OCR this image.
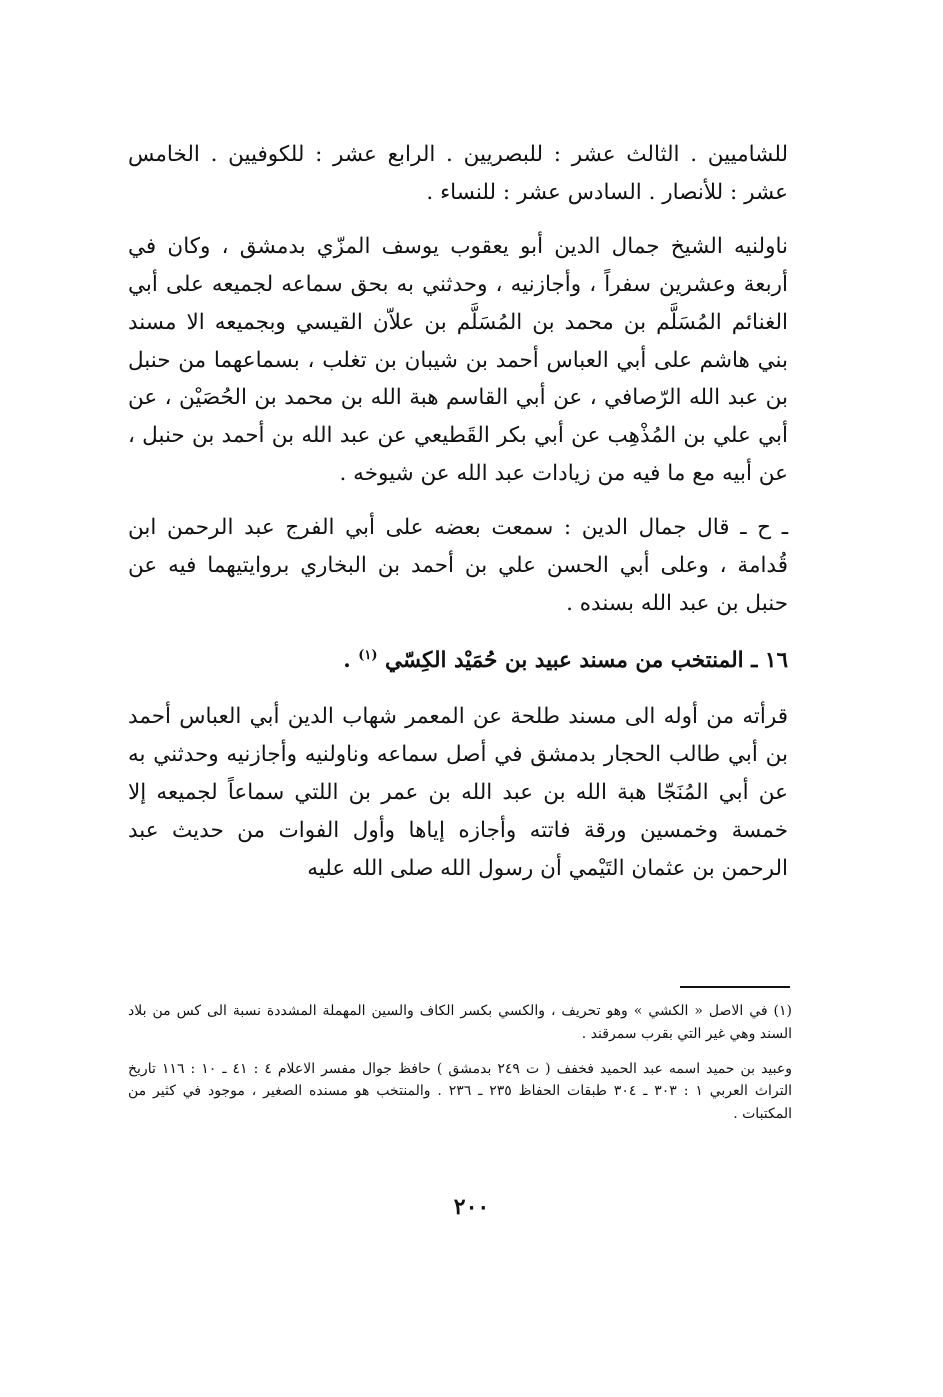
للشاميين . الثالث عشر : للبصريين . الرابع عشر : للكوفيين . الخامس عشر : للأنصار . السادس عشر : للنساء .

ناولنيه الشيخ جمال الدين أبو يعقوب يوسف المزّي بدمشق ، وكان في أربعة وعشرين سفراً ، وأجازنيه ، وحدثني به بحق سماعه لجميعه على أبي الغنائم المُسَلَّم بن محمد بن المُسَلَّم بن علاّن القيسي وبجميعه الا مسند بني هاشم على أبي العباس أحمد بن شيبان بن تغلب ، بسماعهما من حنبل بن عبد الله الرّصافي ، عن أبي القاسم هبة الله بن محمد بن الحُصَيْن ، عن أبي علي بن المُذْهِب عن أبي بكر القَطيعي عن عبد الله بن أحمد بن حنبل ، عن أبيه مع ما فيه من زيادات عبد الله عن شيوخه .

ـ ح ـ قال جمال الدين : سمعت بعضه على أبي الفرج عبد الرحمن ابن قُدامة ، وعلى أبي الحسن علي بن أحمد بن البخاري بروايتيهما فيه عن حنبل بن عبد الله بسنده .

١٦ ـ المنتخب من مسند عبيد بن حُمَيْد الكِسّي $^{(١)}$ .

قرأته من أوله الى مسند طلحة عن المعمر شهاب الدين أبي العباس أحمد بن أبي طالب الحجار بدمشق في أصل سماعه وناولنيه وأجازنيه وحدثني به عن أبي المُنَجّا هبة الله بن عبد الله بن عمر بن اللتي سماعاً لجميعه إلا خمسة وخمسين ورقة فاتته وأجازه إياها وأول الفوات من حديث عبد الرحمن بن عثمان التَيْمي أن رسول الله صلى الله عليه

(١) في الاصل « الكشي » وهو تحريف ، والكسي بكسر الكاف والسين المهملة المشددة نسبة الى كس من بلاد السند وهي غير التي بقرب سمرقند .

وعبيد بن حميد اسمه عبد الحميد فخفف ( ت ٢٤٩ بدمشق ) حافظ جوال مفسر الاعلام ٤ : ٤١ ـ ١٠ : ١١٦ تاريخ التراث العربي ١ : ٣٠٣ ـ ٣٠٤ طبقات الحفاظ ٢٣٥ ـ ٢٣٦ . والمنتخب هو مسنده الصغير ، موجود في كثير من المكتبات .

٢٠٠
